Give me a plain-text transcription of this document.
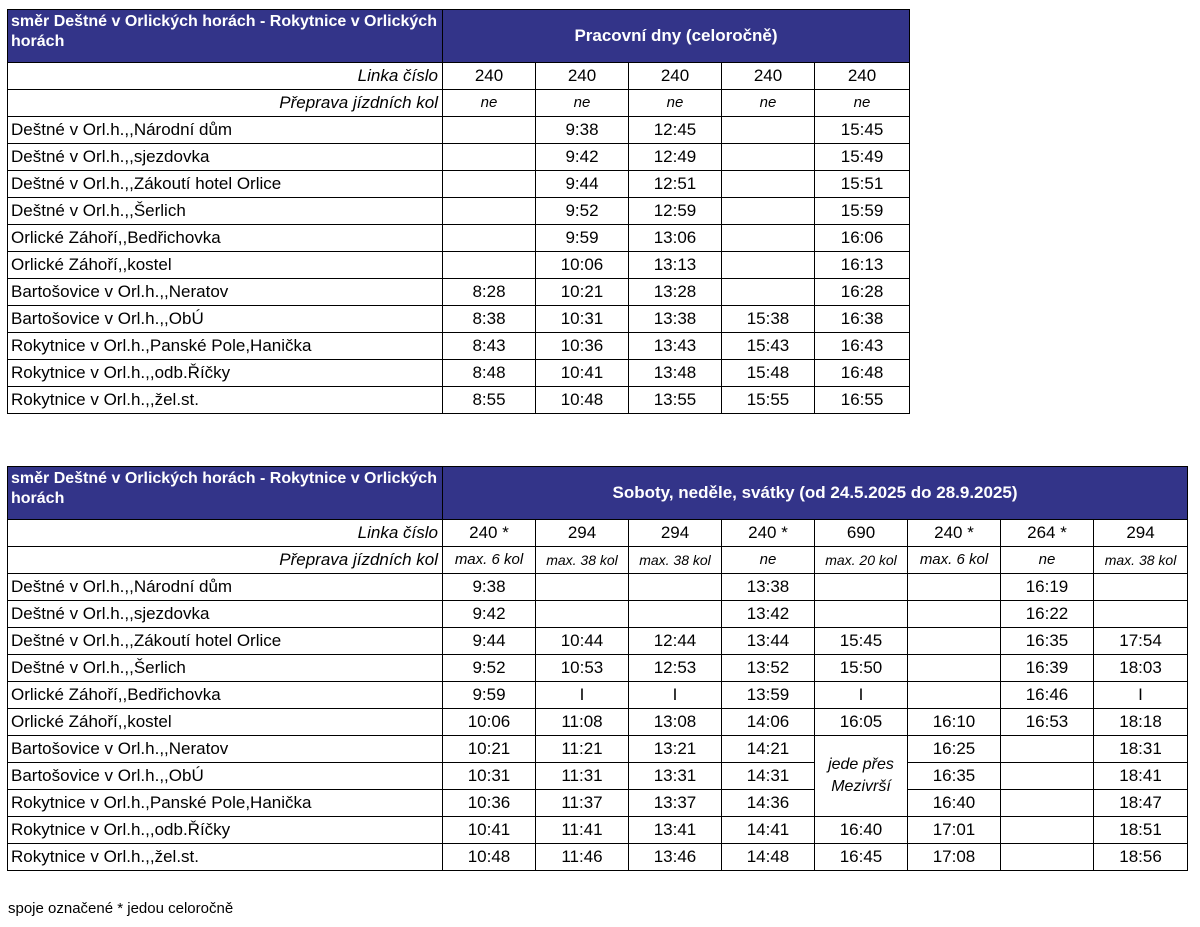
směr Deštné v Orlických horách - Rokytnice v Orlických horách	Pracovní dny (celoročně)				
Linka číslo	240	240	240	240	240
Přeprava jízdních kol	ne	ne	ne	ne	ne
Deštné v Orl.h.,,Národní dům		9:38	12:45		15:45
Deštné v Orl.h.,,sjezdovka		9:42	12:49		15:49
Deštné v Orl.h.,,Zákoutí hotel Orlice		9:44	12:51		15:51
Deštné v Orl.h.,,Šerlich		9:52	12:59		15:59
Orlické Záhoří,,Bedřichovka		9:59	13:06		16:06
Orlické Záhoří,,kostel		10:06	13:13		16:13
Bartošovice v Orl.h.,,Neratov	8:28	10:21	13:28		16:28
Bartošovice v Orl.h.,,ObÚ	8:38	10:31	13:38	15:38	16:38
Rokytnice v Orl.h.,Panské Pole,Hanička	8:43	10:36	13:43	15:43	16:43
Rokytnice v Orl.h.,,odb.Říčky	8:48	10:41	13:48	15:48	16:48
Rokytnice v Orl.h.,,žel.st.	8:55	10:48	13:55	15:55	16:55
směr Deštné v Orlických horách - Rokytnice v Orlických horách	Soboty, neděle, svátky (od 24.5.2025 do 28.9.2025)							
Linka číslo	240 *	294	294	240 *	690	240 *	264 *	294
Přeprava jízdních kol	max. 6 kol	max. 38 kol	max. 38 kol	ne	max. 20 kol	max. 6 kol	ne	max. 38 kol
Deštné v Orl.h.,,Národní dům	9:38			13:38			16:19	
Deštné v Orl.h.,,sjezdovka	9:42			13:42			16:22	
Deštné v Orl.h.,,Zákoutí hotel Orlice	9:44	10:44	12:44	13:44	15:45		16:35	17:54
Deštné v Orl.h.,,Šerlich	9:52	10:53	12:53	13:52	15:50		16:39	18:03
Orlické Záhoří,,Bedřichovka	9:59	I	I	13:59	I		16:46	I
Orlické Záhoří,,kostel	10:06	11:08	13:08	14:06	16:05	16:10	16:53	18:18
Bartošovice v Orl.h.,,Neratov	10:21	11:21	13:21	14:21	jede přes Mezivrší	16:25		18:31
Bartošovice v Orl.h.,,ObÚ	10:31	11:31	13:31	14:31		16:35		18:41
Rokytnice v Orl.h.,Panské Pole,Hanička	10:36	11:37	13:37	14:36		16:40		18:47
Rokytnice v Orl.h.,,odb.Říčky	10:41	11:41	13:41	14:41	16:40	17:01		18:51
Rokytnice v Orl.h.,,žel.st.	10:48	11:46	13:46	14:48	16:45	17:08		18:56
spoje označené * jedou celoročně
